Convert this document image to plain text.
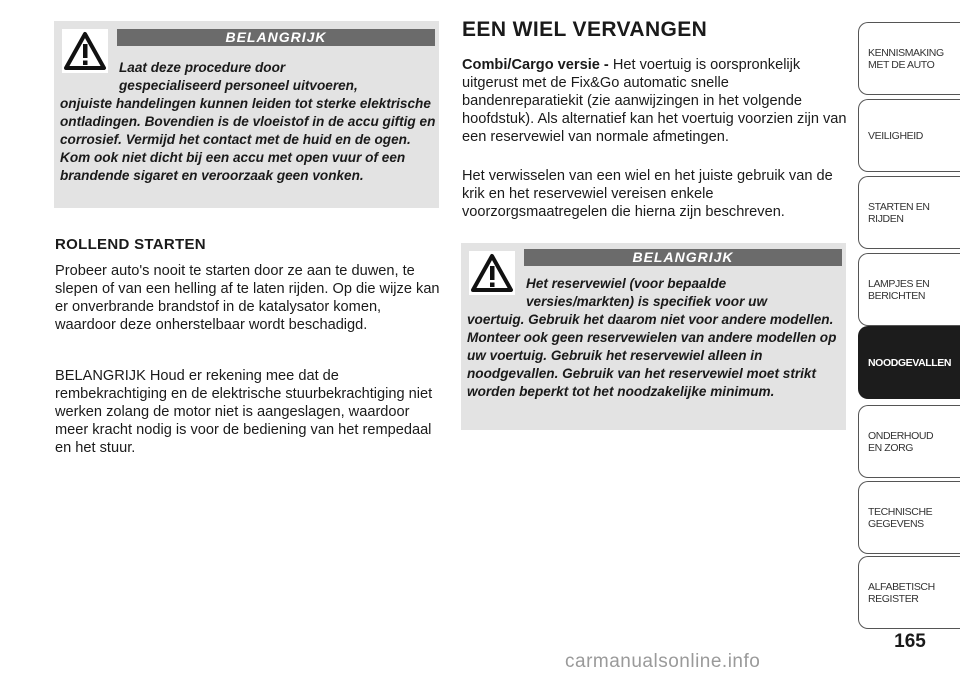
BELANGRIJK

Laat deze procedure door
gespecialiseerd personeel uitvoeren,
onjuiste handelingen kunnen leiden tot sterke elektrische ontladingen. Bovendien is de vloeistof in de accu giftig en corrosief. Vermijd het contact met de huid en de ogen. Kom ook niet dicht bij een accu met open vuur of een brandende sigaret en veroorzaak geen vonken.

ROLLEND STARTEN

Probeer auto's nooit te starten door ze aan te duwen, te slepen of van een helling af te laten rijden. Op die wijze kan er onverbrande brandstof in de katalysator komen, waardoor deze onherstelbaar wordt beschadigd.

BELANGRIJK Houd er rekening mee dat de rembekrachtiging en de elektrische stuurbekrachtiging niet werken zolang de motor niet is aangeslagen, waardoor meer kracht nodig is voor de bediening van het rempedaal en het stuur.

EEN WIEL VERVANGEN

Combi/Cargo versie - Het voertuig is oorspronkelijk uitgerust met de Fix&Go automatic snelle bandenreparatiekit (zie aanwijzingen in het volgende hoofdstuk). Als alternatief kan het voertuig voorzien zijn van een reservewiel van normale afmetingen.

Het verwisselen van een wiel en het juiste gebruik van de krik en het reservewiel vereisen enkele voorzorgsmaatregelen die hierna zijn beschreven.

BELANGRIJK

Het reservewiel (voor bepaalde
versies/markten) is specifiek voor uw
voertuig. Gebruik het daarom niet voor andere modellen. Monteer ook geen reservewielen van andere modellen op uw voertuig. Gebruik het reservewiel alleen in noodgevallen. Gebruik van het reservewiel moet strikt worden beperkt tot het noodzakelijke minimum.

KENNISMAKING MET DE AUTO
VEILIGHEID
STARTEN EN RIJDEN
LAMPJES EN BERICHTEN
NOODGEVALLEN
ONDERHOUD EN ZORG
TECHNISCHE GEGEVENS
ALFABETISCH REGISTER
165
carmanualsonline.info
